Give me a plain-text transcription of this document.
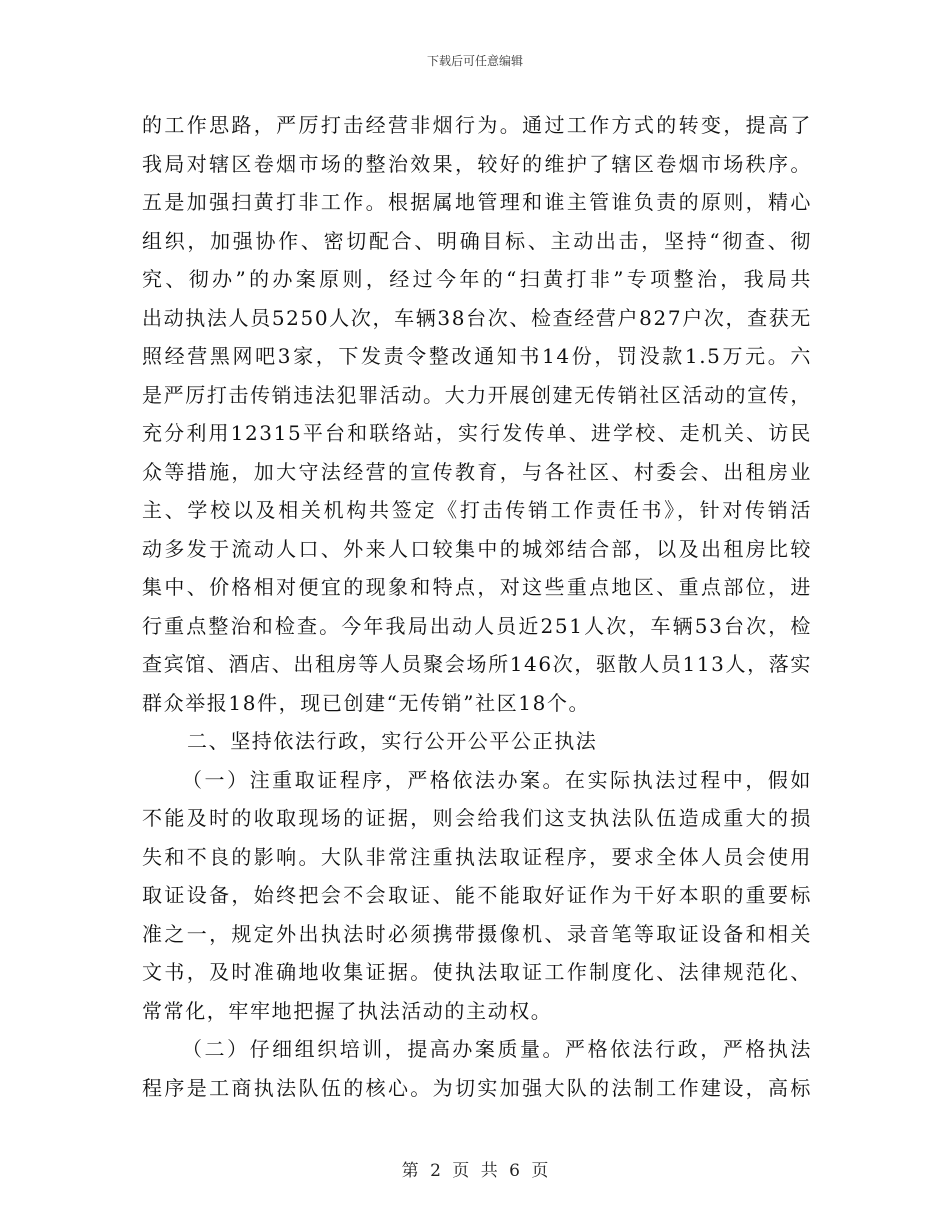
下载后可任意编辑
的工作思路，严厉打击经营非烟行为。通过工作方式的转变，提高了
我局对辖区卷烟市场的整治效果，较好的维护了辖区卷烟市场秩序。
五是加强扫黄打非工作。根据属地管理和谁主管谁负责的原则，精心
组织，加强协作、密切配合、明确目标、主动出击，坚持“彻查、彻
究、彻办”的办案原则，经过今年的“扫黄打非”专项整治，我局共
出动执法人员5250人次，车辆38台次、检查经营户827户次，查获无
照经营黑网吧3家，下发责令整改通知书14份，罚没款1.5万元。六
是严厉打击传销违法犯罪活动。大力开展创建无传销社区活动的宣传，
充分利用12315平台和联络站，实行发传单、进学校、走机关、访民
众等措施，加大守法经营的宣传教育，与各社区、村委会、出租房业
主、学校以及相关机构共签定《打击传销工作责任书》，针对传销活
动多发于流动人口、外来人口较集中的城郊结合部，以及出租房比较
集中、价格相对便宜的现象和特点，对这些重点地区、重点部位，进
行重点整治和检查。今年我局出动人员近251人次，车辆53台次，检
查宾馆、酒店、出租房等人员聚会场所146次，驱散人员113人，落实
群众举报18件，现已创建“无传销”社区18个。
二、坚持依法行政，实行公开公平公正执法
（一）注重取证程序，严格依法办案。在实际执法过程中，假如
不能及时的收取现场的证据，则会给我们这支执法队伍造成重大的损
失和不良的影响。大队非常注重执法取证程序，要求全体人员会使用
取证设备，始终把会不会取证、能不能取好证作为干好本职的重要标
准之一，规定外出执法时必须携带摄像机、录音笔等取证设备和相关
文书，及时准确地收集证据。使执法取证工作制度化、法律规范化、
常常化，牢牢地把握了执法活动的主动权。
（二）仔细组织培训，提高办案质量。严格依法行政，严格执法
程序是工商执法队伍的核心。为切实加强大队的法制工作建设，高标
第 2 页 共 6 页
